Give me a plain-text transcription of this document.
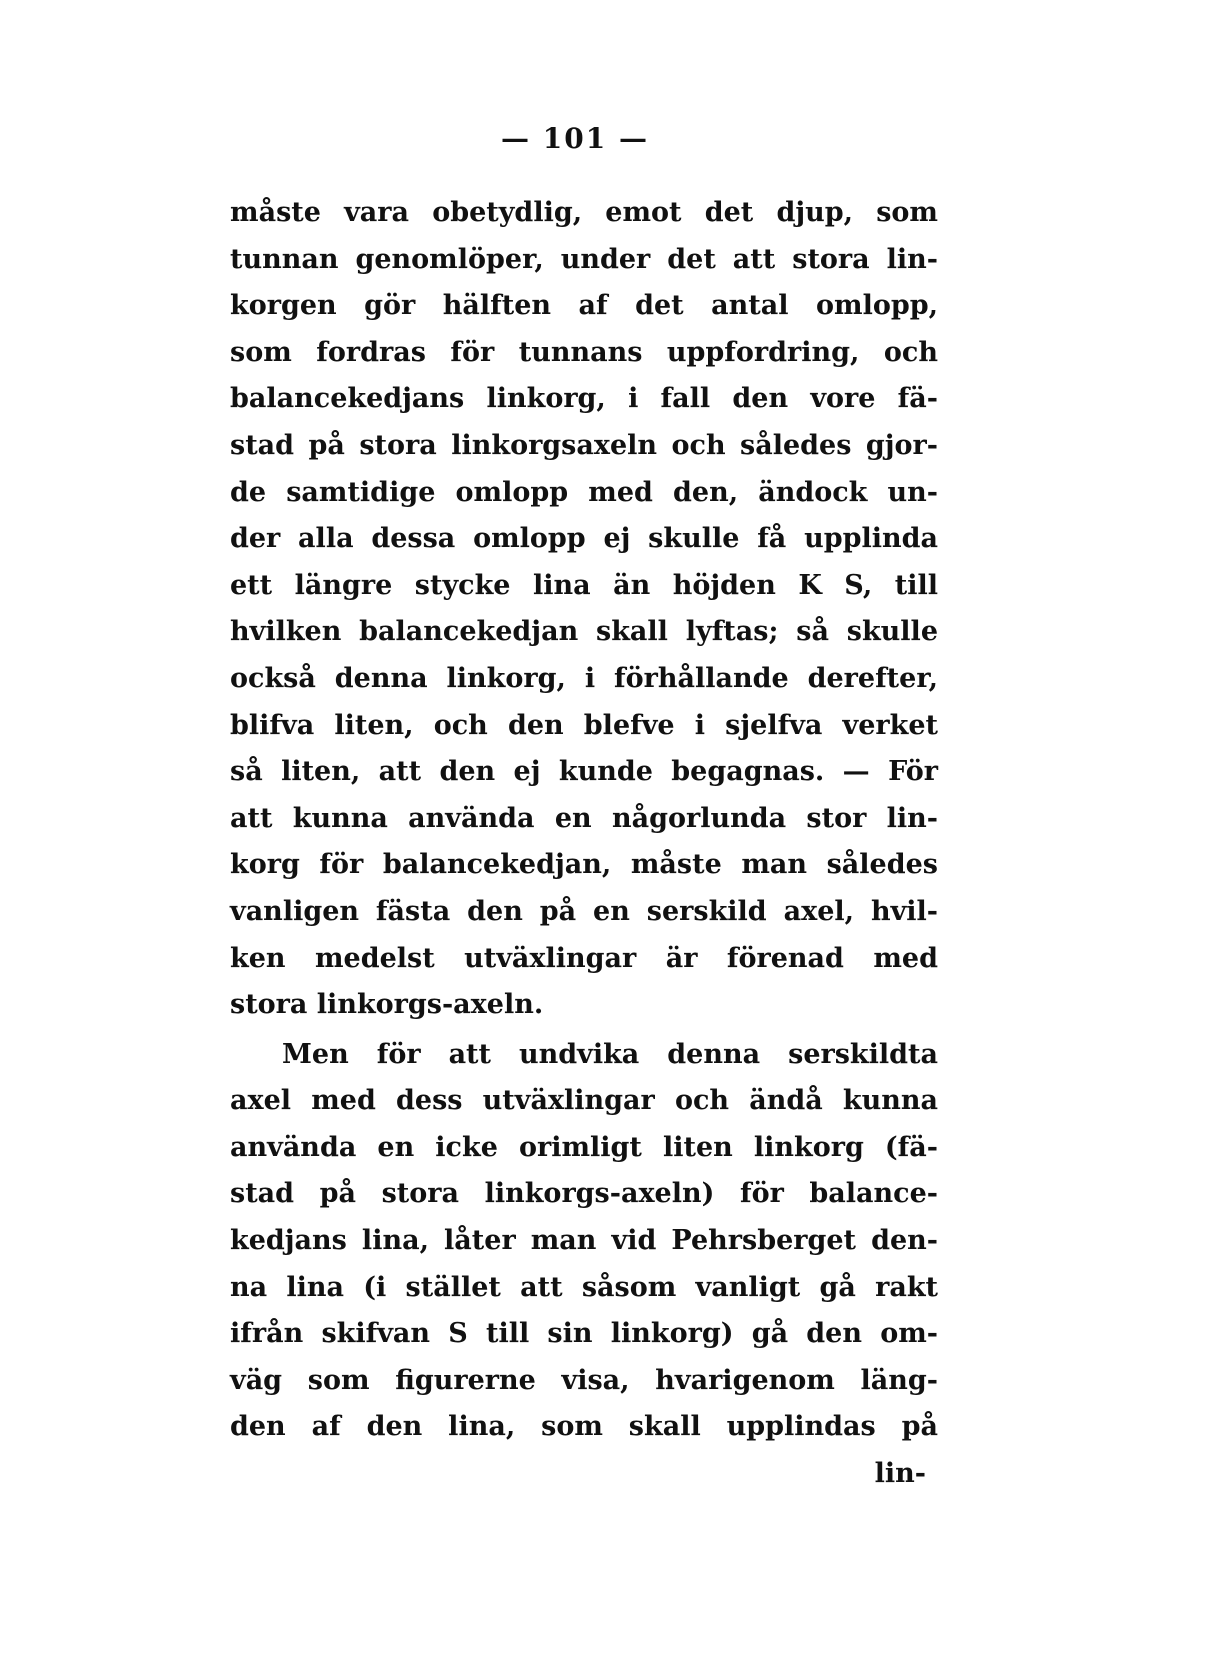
— 101 —
måste vara obetydlig, emot det djup, som
tunnan genomlöper, under det att stora lin-
korgen gör hälften af det antal omlopp,
som fordras för tunnans uppfordring, och
balancekedjans linkorg, i fall den vore fä-
stad på stora linkorgsaxeln och således gjor-
de samtidige omlopp med den, ändock un-
der alla dessa omlopp ej skulle få upplinda
ett längre stycke lina än höjden K S, till
hvilken balancekedjan skall lyftas; så skulle
också denna linkorg, i förhållande derefter,
blifva liten, och den blefve i sjelfva verket
så liten, att den ej kunde begagnas. — För
att kunna använda en någorlunda stor lin-
korg för balancekedjan, måste man således
vanligen fästa den på en serskild axel, hvil-
ken medelst utväxlingar är förenad med
stora linkorgs-axeln.
Men för att undvika denna serskildta
axel med dess utväxlingar och ändå kunna
använda en icke orimligt liten linkorg (fä-
stad på stora linkorgs-axeln) för balance-
kedjans lina, låter man vid Pehrsberget den-
na lina (i stället att såsom vanligt gå rakt
ifrån skifvan S till sin linkorg) gå den om-
väg som figurerne visa, hvarigenom läng-
den af den lina, som skall upplindas på
lin-
